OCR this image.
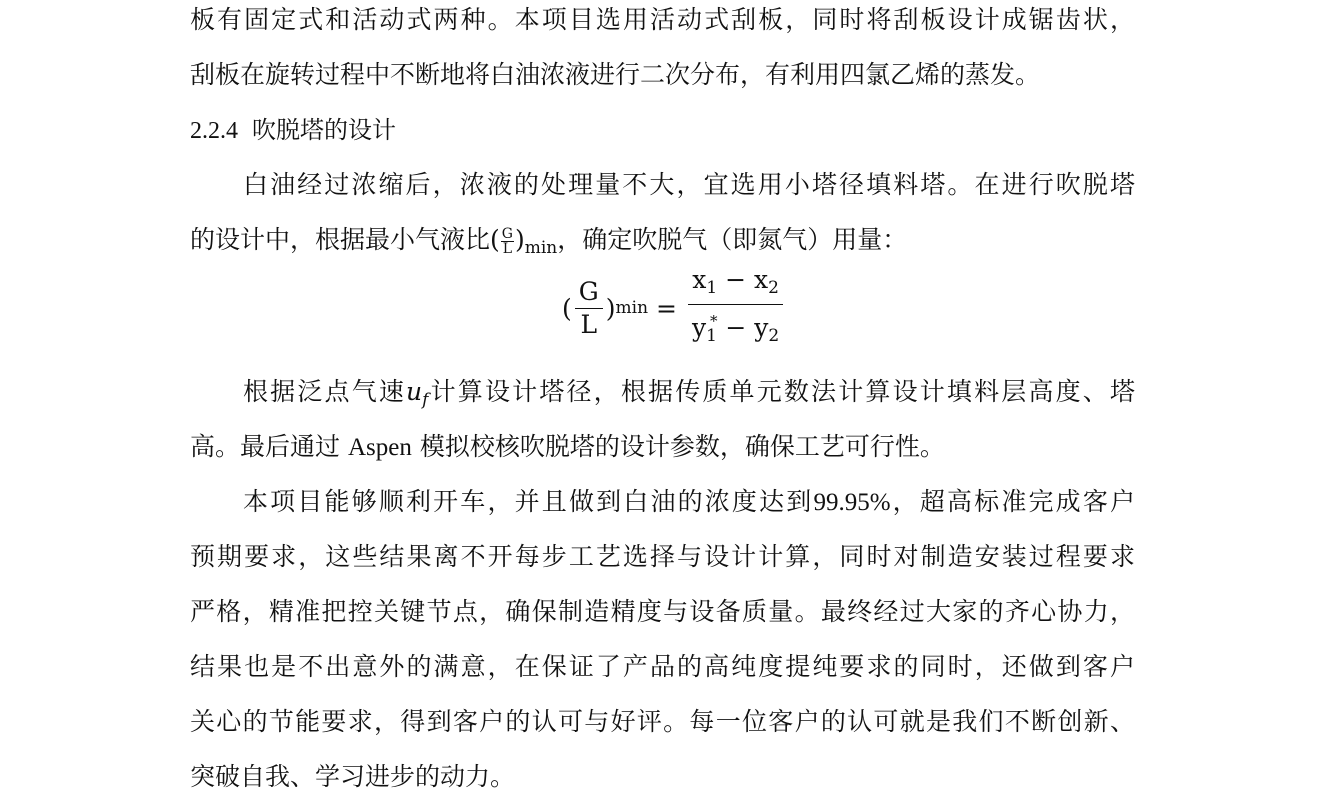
板有固定式和活动式两种。本项目选用活动式刮板，同时将刮板设计成锯齿状，
刮板在旋转过程中不断地将白油浓液进行二次分布，有利用四氯乙烯的蒸发。
2.2.4 吹脱塔的设计
白油经过浓缩后，浓液的处理量不大，宜选用小塔径填料塔。在进行吹脱塔
的设计中，根据最小气液比( $\frac{G}{L} )_{min}$，确定吹脱气（即氮气）用量：
( $\frac{G}{L}$ ) $\min = \frac{x_1 - x_2}{y_1^* - y_2}$
根据泛点气速$u_f$计算设计塔径，根据传质单元数法计算设计填料层高度、塔
高。最后通过 Aspen 模拟校核吹脱塔的设计参数，确保工艺可行性。
本项目能够顺利开车，并且做到白油的浓度达到99.95%，超高标准完成客户
预期要求，这些结果离不开每步工艺选择与设计计算，同时对制造安装过程要求
严格，精准把控关键节点，确保制造精度与设备质量。最终经过大家的齐心协力，
结果也是不出意外的满意，在保证了产品的高纯度提纯要求的同时，还做到客户
关心的节能要求，得到客户的认可与好评。每一位客户的认可就是我们不断创新、
突破自我、学习进步的动力。
